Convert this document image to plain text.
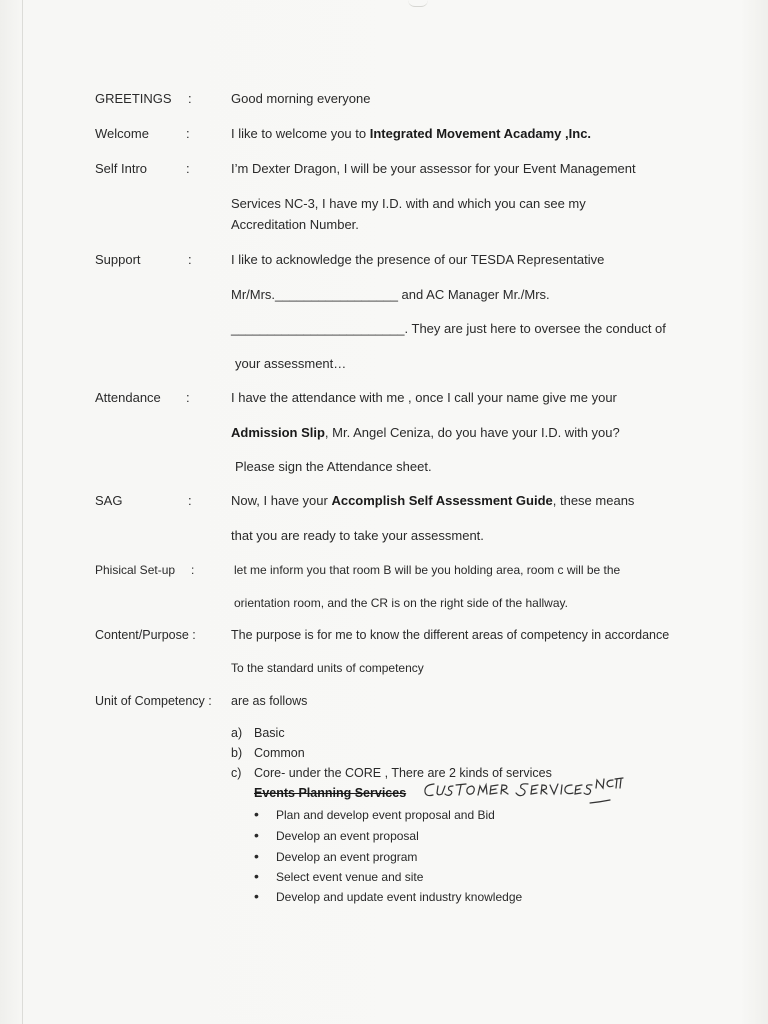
GREETINGS :	Good morning everyone
Welcome	:	I like to welcome you to Integrated Movement Acadamy ,Inc.
Self Intro	:	I’m Dexter Dragon, I will be your assessor for your Event Management
Services NC-3, I have my I.D. with and which you can see my
Accreditation Number.
Support	:	I like to acknowledge the presence of our TESDA Representative
Mr/Mrs._________________ and AC Manager Mr./Mrs.
________________________. They are just here to oversee the conduct of
your assessment…
Attendance :	I have the attendance with me , once I call your name give me your
Admission Slip, Mr. Angel Ceniza, do you have your I.D. with you?
Please sign the Attendance sheet.
SAG	:	Now, I have your Accomplish Self Assessment Guide, these means
that you are ready to take your assessment.
Phisical Set-up :	let me inform you that room B will be you holding area, room c will be the
orientation room, and the CR is on the right side of the hallway.
Content/Purpose :	The purpose is for me to know the different areas of competency in accordance
To the standard units of competency
Unit of Competency : are as follows
a) Basic
b) Common
c) Core- under the CORE , There are 2 kinds of services
Events Planning Services
• Plan and develop event proposal and Bid
• Develop an event proposal
• Develop an event program
• Select event venue and site
• Develop and update event industry knowledge
